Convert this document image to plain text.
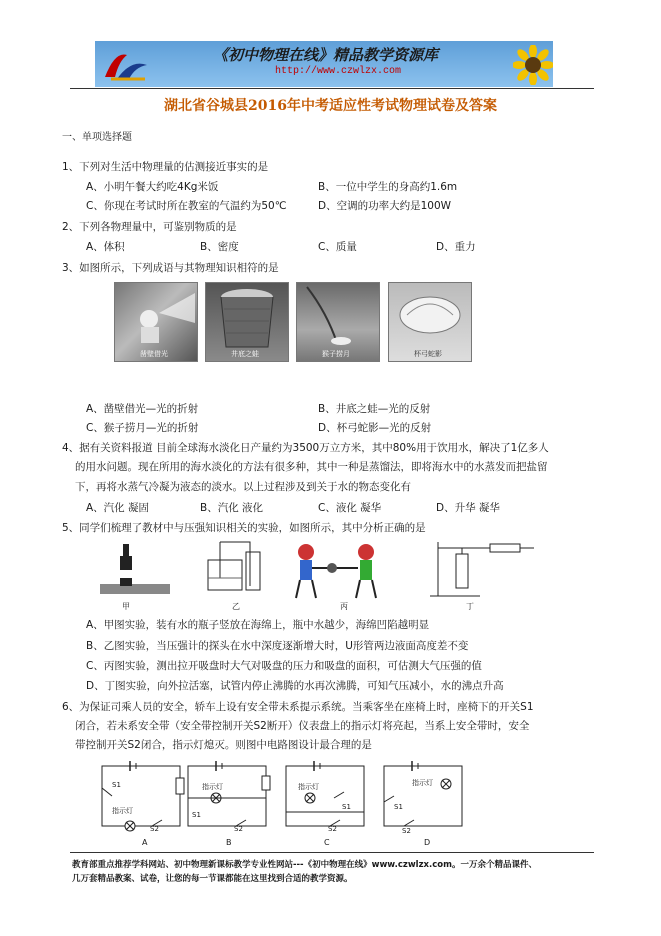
《初中物理在线》精品教学资源库
http://www.czwlzx.com
湖北省谷城县2016年中考适应性考试物理试卷及答案
一、单项选择题
1、下列对生活中物理量的估测接近事实的是
A、小明午餐大约吃4Kg米饭	B、一位中学生的身高约1.6m
C、你现在考试时所在教室的气温约为50℃	D、空调的功率大约是100W
2、下列各物理量中，可鉴别物质的是
A、体积	B、密度	C、质量	D、重力
3、如图所示，下列成语与其物理知识相符的是
凿壁借光	井底之蛙	猴子捞月	杯弓蛇影
A、凿壁借光—光的折射	B、井底之蛙—光的反射
C、猴子捞月—光的折射	D、杯弓蛇影—光的反射
4、据有关资料报道 目前全球海水淡化日产量约为3500万立方米，其中80%用于饮用水，解决了1亿多人
的用水问题。现在所用的海水淡化的方法有很多种，其中一种是蒸馏法，即将海水中的水蒸发而把盐留
下，再将水蒸气冷凝为液态的淡水。以上过程涉及到关于水的物态变化有
A、汽化 凝固	B、汽化 液化	C、液化 凝华	D、升华 凝华
5、同学们梳理了教材中与压强知识相关的实验，如图所示，其中分析正确的是
甲	乙	丙	丁
A、甲图实验，装有水的瓶子竖放在海绵上，瓶中水越少，海绵凹陷越明显
B、乙图实验，当压强计的探头在水中深度逐渐增大时，U形管两边液面高度差不变
C、丙图实验，测出拉开吸盘时大气对吸盘的压力和吸盘的面积，可估测大气压强的值
D、丁图实验，向外拉活塞，试管内停止沸腾的水再次沸腾，可知气压减小，水的沸点升高
6、为保证司乘人员的安全，轿车上设有安全带未系提示系统。当乘客坐在座椅上时，座椅下的开关S1
闭合，若未系安全带（安全带控制开关S2断开）仪表盘上的指示灯将亮起，当系上安全带时，安全
带控制开关S2闭合，指示灯熄灭。则图中电路图设计最合理的是
S1
指示灯
S2
指示灯
S1
S2
指示灯
S1
S2
指示灯
S1
S2
A	B	C	D
教育部重点推荐学科网站、初中物理新课标教学专业性网站---《初中物理在线》www.czwlzx.com。一万余个精品课件、
几万套精品教案、试卷，让您的每一节课都能在这里找到合适的教学资源。
